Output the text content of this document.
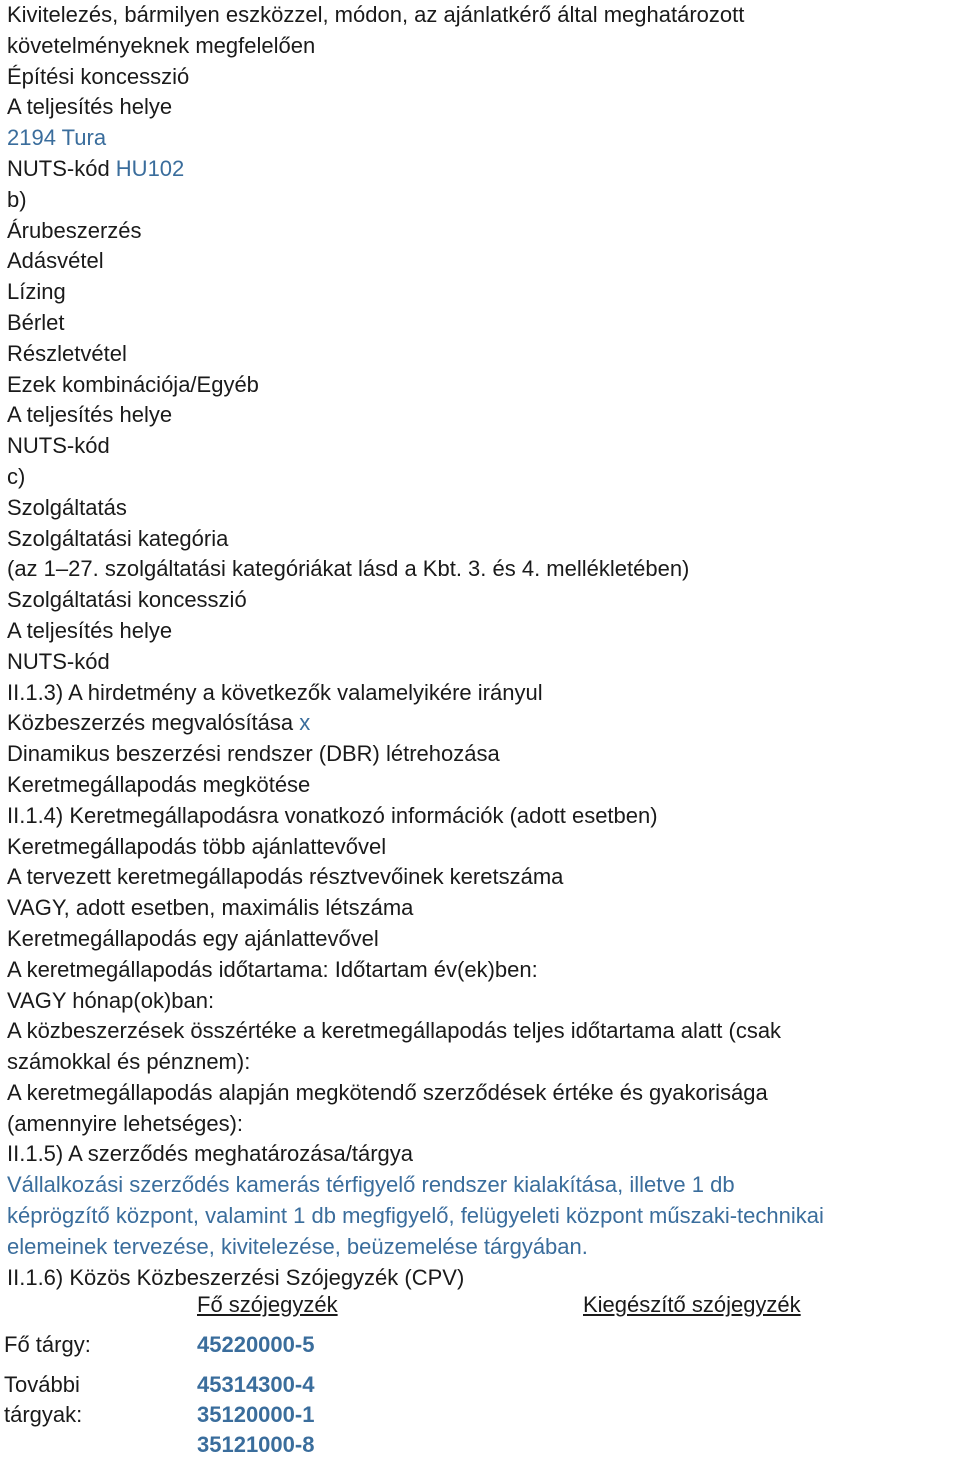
Kivitelezés, bármilyen eszközzel, módon, az ajánlatkérő által meghatározott

követelményeknek megfelelően

Építési koncesszió

A teljesítés helye

2194 Tura

NUTS-kód HU102

b)

Árubeszerzés

Adásvétel

Lízing

Bérlet

Részletvétel

Ezek kombinációja/Egyéb

A teljesítés helye

NUTS-kód

c)

Szolgáltatás

Szolgáltatási kategória

(az 1–27. szolgáltatási kategóriákat lásd a Kbt. 3. és 4. mellékletében)

Szolgáltatási koncesszió

A teljesítés helye

NUTS-kód

II.1.3) A hirdetmény a következők valamelyikére irányul

Közbeszerzés megvalósítása x

Dinamikus beszerzési rendszer (DBR) létrehozása

Keretmegállapodás megkötése

II.1.4) Keretmegállapodásra vonatkozó információk (adott esetben)

Keretmegállapodás több ajánlattevővel

A tervezett keretmegállapodás résztvevőinek keretszáma

VAGY, adott esetben, maximális létszáma

Keretmegállapodás egy ajánlattevővel

A keretmegállapodás időtartama: Időtartam év(ek)ben:

VAGY hónap(ok)ban:

A közbeszerzések összértéke a keretmegállapodás teljes időtartama alatt (csak

számokkal és pénznem):

A keretmegállapodás alapján megkötendő szerződések értéke és gyakorisága

(amennyire lehetséges):

II.1.5) A szerződés meghatározása/tárgya

Vállalkozási szerződés kamerás térfigyelő rendszer kialakítása, illetve 1 db

képrögzítő központ, valamint 1 db megfigyelő, felügyeleti központ műszaki-technikai

elemeinek tervezése, kivitelezése, beüzemelése tárgyában.

II.1.6) Közös Közbeszerzési Szójegyzék (CPV)

Fő szójegyzék	Kiegészítő szójegyzék
Fő tárgy:	45220000-5
További
tárgyak:
45314300-4
35120000-1
35121000-8
